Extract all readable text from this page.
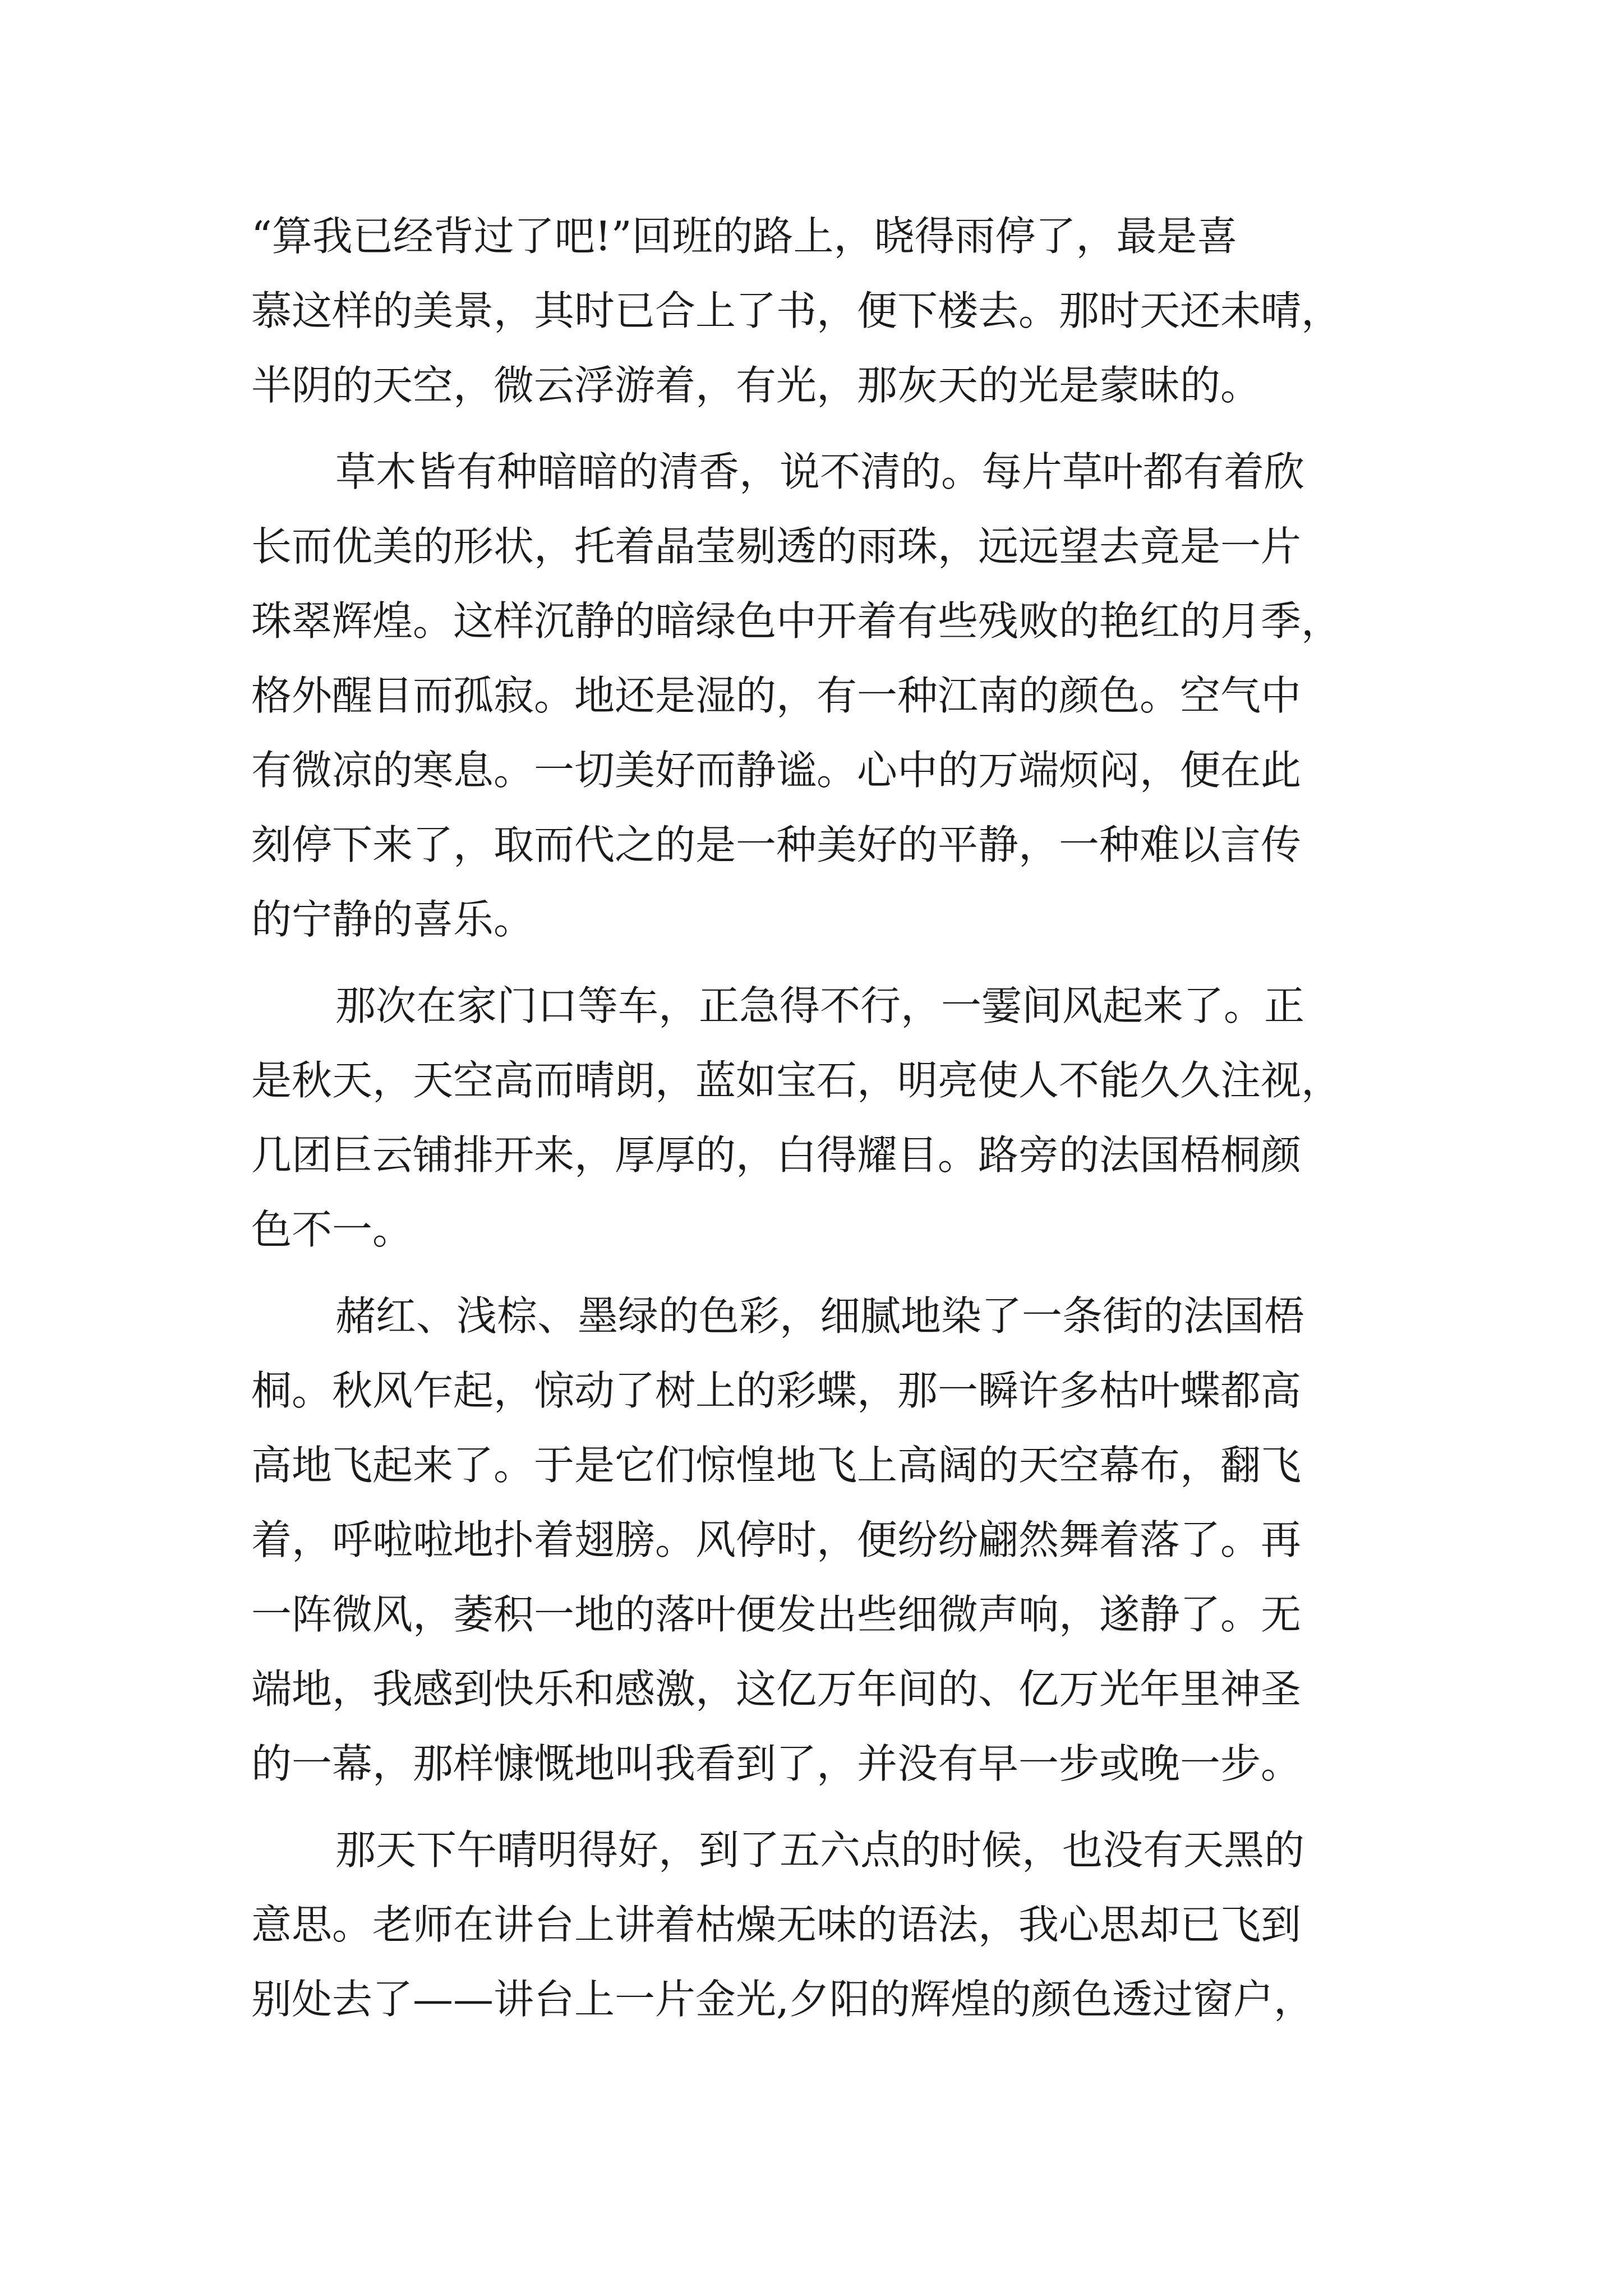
“算我已经背过了吧!”回班的路上，晓得雨停了，最是喜
慕这样的美景，其时已合上了书，便下楼去。那时天还未晴，
半阴的天空，微云浮游着，有光，那灰天的光是蒙昧的。
草木皆有种暗暗的清香，说不清的。每片草叶都有着欣
长而优美的形状，托着晶莹剔透的雨珠，远远望去竟是一片
珠翠辉煌。这样沉静的暗绿色中开着有些残败的艳红的月季，
格外醒目而孤寂。地还是湿的，有一种江南的颜色。空气中
有微凉的寒息。一切美好而静谧。心中的万端烦闷，便在此
刻停下来了，取而代之的是一种美好的平静，一种难以言传
的宁静的喜乐。
那次在家门口等车，正急得不行，一霎间风起来了。正
是秋天，天空高而晴朗，蓝如宝石，明亮使人不能久久注视，
几团巨云铺排开来，厚厚的，白得耀目。路旁的法国梧桐颜
色不一。
赭红、浅棕、墨绿的色彩，细腻地染了一条街的法国梧
桐。秋风乍起，惊动了树上的彩蝶，那一瞬许多枯叶蝶都高
高地飞起来了。于是它们惊惶地飞上高阔的天空幕布，翻飞
着，呼啦啦地扑着翅膀。风停时，便纷纷翩然舞着落了。再
一阵微风，萎积一地的落叶便发出些细微声响，遂静了。无
端地，我感到快乐和感激，这亿万年间的、亿万光年里神圣
的一幕，那样慷慨地叫我看到了，并没有早一步或晚一步。
那天下午晴明得好，到了五六点的时候，也没有天黑的
意思。老师在讲台上讲着枯燥无味的语法，我心思却已飞到
别处去了——讲台上一片金光,夕阳的辉煌的颜色透过窗户，
